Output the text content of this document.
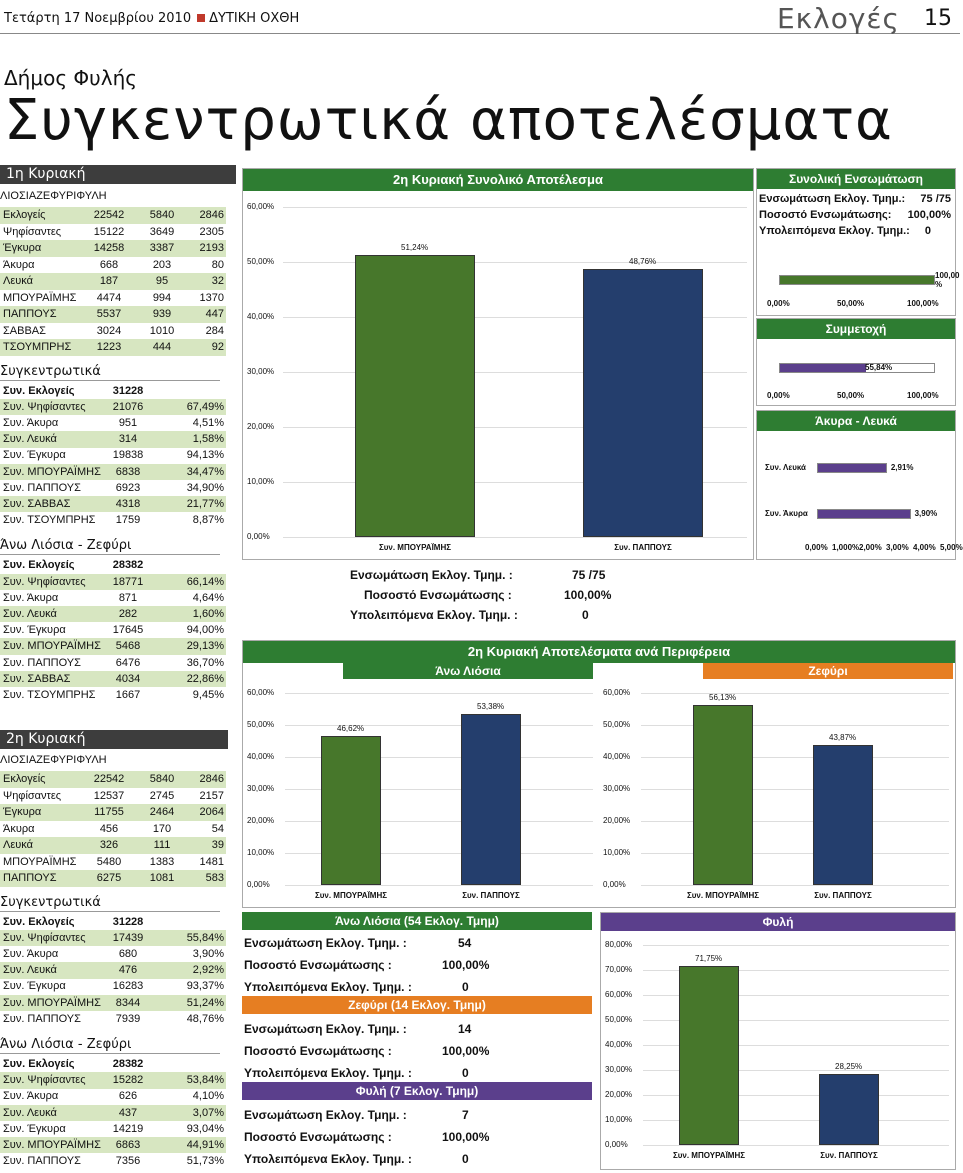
Τετάρτη 17 Νοεμβρίου 2010 ΔΥΤΙΚΗ ΟΧΘΗ	Εκλογές 15
Δήμος Φυλής
Συγκεντρωτικά αποτελέσματα
1η Κυριακή
ΛΙΟΣΙΑΖΕΦΥΡΙΦΥΛΗ
Εκλογείς	22542	5840	2846
Ψηφίσαντες	15122	3649	2305
Έγκυρα	14258	3387	2193
Άκυρα	668	203	80
Λευκά	187	95	32
ΜΠΟΥΡΑΪΜΗΣ	4474	994	1370
ΠΑΠΠΟΥΣ	5537	939	447
ΣΑΒΒΑΣ	3024	1010	284
ΤΣΟΥΜΠΡΗΣ	1223	444	92
Συγκεντρωτικά
Συν. Εκλογείς	31228
Συν. Ψηφίσαντες	21076	67,49%
Συν. Άκυρα	951	4,51%
Συν. Λευκά	314	1,58%
Συν. Έγκυρα	19838	94,13%
Συν. ΜΠΟΥΡΑΪΜΗΣ	6838	34,47%
Συν. ΠΑΠΠΟΥΣ	6923	34,90%
Συν. ΣΑΒΒΑΣ	4318	21,77%
Συν. ΤΣΟΥΜΠΡΗΣ	1759	8,87%
Άνω Λιόσια - Ζεφύρι
Συν. Εκλογείς	28382
Συν. Ψηφίσαντες	18771	66,14%
Συν. Άκυρα	871	4,64%
Συν. Λευκά	282	1,60%
Συν. Έγκυρα	17645	94,00%
Συν. ΜΠΟΥΡΑΪΜΗΣ	5468	29,13%
Συν. ΠΑΠΠΟΥΣ	6476	36,70%
Συν. ΣΑΒΒΑΣ	4034	22,86%
Συν. ΤΣΟΥΜΠΡΗΣ	1667	9,45%
2η Κυριακή
ΛΙΟΣΙΑΖΕΦΥΡΙΦΥΛΗ
Εκλογείς	22542	5840	2846
Ψηφίσαντες	12537	2745	2157
Έγκυρα	11755	2464	2064
Άκυρα	456	170	54
Λευκά	326	111	39
ΜΠΟΥΡΑΪΜΗΣ	5480	1383	1481
ΠΑΠΠΟΥΣ	6275	1081	583
Συγκεντρωτικά
Συν. Εκλογείς	31228
Συν. Ψηφίσαντες	17439	55,84%
Συν. Άκυρα	680	3,90%
Συν. Λευκά	476	2,92%
Συν. Έγκυρα	16283	93,37%
Συν. ΜΠΟΥΡΑΪΜΗΣ	8344	51,24%
Συν. ΠΑΠΠΟΥΣ	7939	48,76%
Άνω Λιόσια - Ζεφύρι
Συν. Εκλογείς	28382
Συν. Ψηφίσαντες	15282	53,84%
Συν. Άκυρα	626	4,10%
Συν. Λευκά	437	3,07%
Συν. Έγκυρα	14219	93,04%
Συν. ΜΠΟΥΡΑΪΜΗΣ	6863	44,91%
Συν. ΠΑΠΠΟΥΣ	7356	51,73%
2η Κυριακή Συνολικό Αποτέλεσμα
0,00%
10,00%
20,00%
30,00%
40,00%
50,00%
60,00%
51,24%
Συν. ΜΠΟΥΡΑΪΜΗΣ
48,76%
Συν. ΠΑΠΠΟΥΣ
Ενσωμάτωση Εκλογ. Τμημ. :	75 /75
Ποσοστό Ενσωμάτωσης :	100,00%
Υπολειπόμενα Εκλογ. Τμημ. :	0
Συνολική Ενσωμάτωση
Ενσωμάτωση Εκλογ. Τμημ.: 75 /75
Ποσοστό Ενσωμάτωσης: 100,00%
Υπολειπόμενα Εκλογ. Τμημ.: 0
100,00 %
0,00%	50,00%	100,00%
Συμμετοχή
55,84%
0,00%	50,00%	100,00%
Άκυρα - Λευκά
Συν. Λευκά	2,91%
Συν. Άκυρα	3,90%
0,00% 1,000% 2,00% 3,00% 4,00% 5,00%
2η Κυριακή Αποτελέσματα ανά Περιφέρεια
Άνω Λιόσια	Ζεφύρι
0,00%
10,00%
20,00%
30,00%
40,00%
50,00%
60,00%
46,62%
Συν. ΜΠΟΥΡΑΪΜΗΣ
53,38%
Συν. ΠΑΠΠΟΥΣ
0,00%
10,00%
20,00%
30,00%
40,00%
50,00%
60,00%
56,13%
Συν. ΜΠΟΥΡΑΪΜΗΣ
43,87%
Συν. ΠΑΠΠΟΥΣ
Άνω Λιόσια (54 Εκλογ. Τμημ)
Ενσωμάτωση Εκλογ. Τμημ. :	54
Ποσοστό Ενσωμάτωσης :	100,00%
Υπολειπόμενα Εκλογ. Τμημ. :	0
Ζεφύρι (14 Εκλογ. Τμημ)
Ενσωμάτωση Εκλογ. Τμημ. :	14
Ποσοστό Ενσωμάτωσης :	100,00%
Υπολειπόμενα Εκλογ. Τμημ. :	0
Φυλή (7 Εκλογ. Τμημ)
Ενσωμάτωση Εκλογ. Τμημ. :	7
Ποσοστό Ενσωμάτωσης :	100,00%
Υπολειπόμενα Εκλογ. Τμημ. :	0
Φυλή
0,00%
10,00%
20,00%
30,00%
40,00%
50,00%
60,00%
70,00%
80,00%
71,75%
Συν. ΜΠΟΥΡΑΪΜΗΣ
28,25%
Συν. ΠΑΠΠΟΥΣ
